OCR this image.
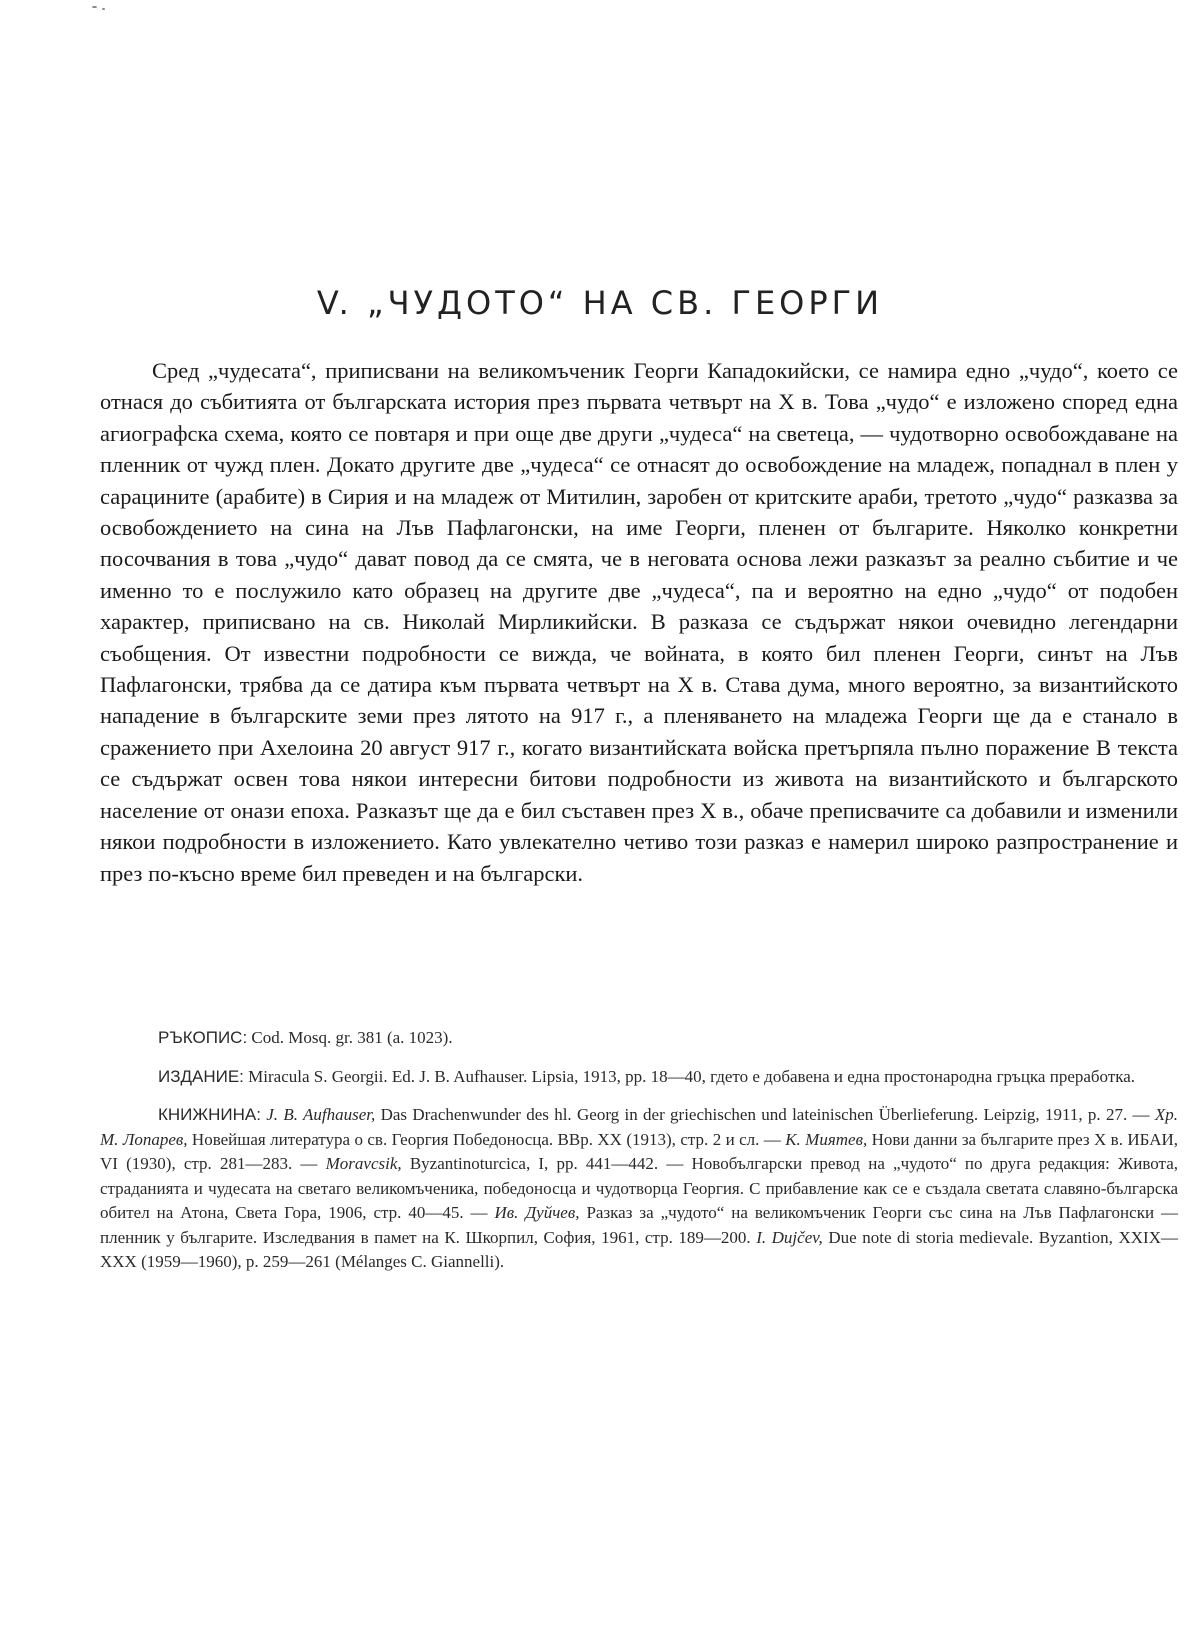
V. „ЧУДОТО“ НА СВ. ГЕОРГИ

Сред „чудесата“, приписвани на великомъченик Георги Кападокийски, се намира едно „чудо“, което се отнася до събитията от българската история през първата четвърт на X в. Това „чудо“ е изложено според една агиографска схема, която се повтаря и при още две други „чудеса“ на светеца, — чудотворно освобождаване на пленник от чужд плен. Докато другите две „чудеса“ се отнасят до освобождение на младеж, попаднал в плен у сарацините (арабите) в Сирия и на младеж от Митилин, заробен от критските араби, третото „чудо“ разказва за освобождението на сина на Лъв Пафлагонски, на име Георги, пленен от българите. Няколко конкретни посочвания в това „чудо“ дават повод да се смята, че в неговата основа лежи разказът за реално събитие и че именно то е послужило като образец на другите две „чудеса“, па и вероятно на едно „чудо“ от подобен характер, приписвано на св. Николай Мирликийски. В разказа се съдържат някои очевидно легендарни съобщения. От известни подробности се вижда, че войната, в която бил пленен Георги, синът на Лъв Пафлагонски, трябва да се датира към първата четвърт на X в. Става дума, много вероятно, за византийското нападение в българските земи през лятото на 917 г., а пленяването на младежа Георги ще да е станало в сражението при Ахелоина 20 август 917 г., когато византийската войска претърпяла пълно поражение В текста се съдържат освен това някои интересни битови подробности из живота на византийското и българското население от онази епоха. Разказът ще да е бил съставен през X в., обаче преписвачите са добавили и изменили някои подробности в изложението. Като увлекателно четиво този разказ е намерил широко разпространение и през по-късно време бил преведен и на български.

РЪКОПИС: Cod. Mosq. gr. 381 (a. 1023).

ИЗДАНИЕ: Miracula S. Georgii. Ed. J. B. Aufhauser. Lipsia, 1913, pp. 18—40, гдето е добавена и една простонародна гръцка преработка.

КНИЖНИНА: J. B. Aufhauser, Das Drachenwunder des hl. Georg in der griechischen und lateinischen Überlieferung. Leipzig, 1911, p. 27. — Хр. М. Лопарев, Новейшая литература о св. Георгия Победоносца. ВВр. XX (1913), стр. 2 и сл. — К. Миятев, Нови данни за българите през X в. ИБАИ, VI (1930), стр. 281—283. — Moravcsik, Byzantinoturcica, I, pp. 441—442. — Новобългарски превод на „чудото“ по друга редакция: Живота, страданията и чудесата на светаго великомъченика, победоносца и чудотворца Георгия. С прибавление как се е създала светата славяно-българска обител на Атона, Света Гора, 1906, стр. 40—45. — Ив. Дуйчев, Разказ за „чудото“ на великомъченик Георги със сина на Лъв Пафлагонски — пленник у българите. Изследвания в памет на К. Шкорпил, София, 1961, стр. 189—200. I. Dujčev, Due note di storia medievale. Byzantion, XXIX—XXX (1959—1960), p. 259—261 (Mélanges C. Giannelli).
